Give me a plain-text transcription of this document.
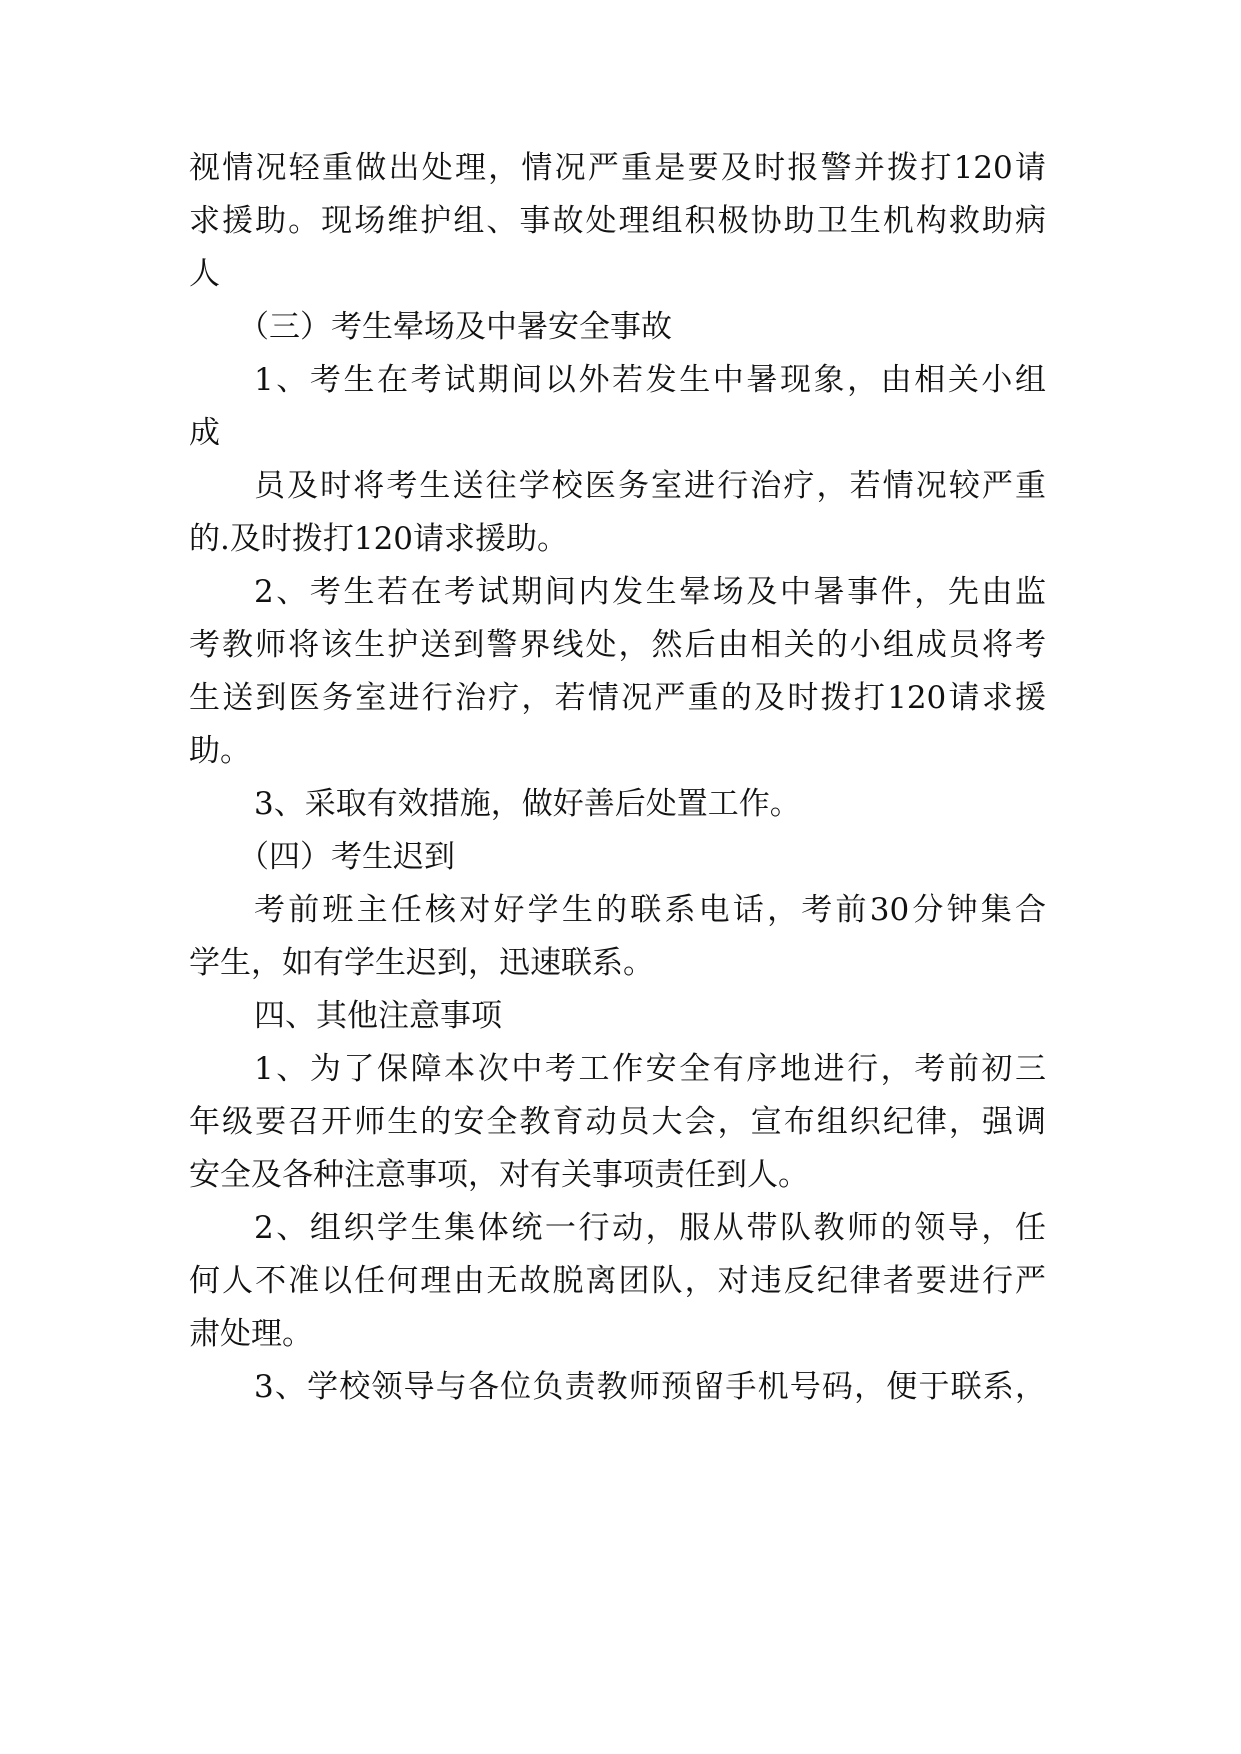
视情况轻重做出处理，情况严重是要及时报警并拨打120请
求援助。现场维护组、事故处理组积极协助卫生机构救助病
人
（三）考生晕场及中暑安全事故
1、考生在考试期间以外若发生中暑现象，由相关小组
成
员及时将考生送往学校医务室进行治疗，若情况较严重
的.及时拨打120请求援助。
2、考生若在考试期间内发生晕场及中暑事件，先由监
考教师将该生护送到警界线处，然后由相关的小组成员将考
生送到医务室进行治疗，若情况严重的及时拨打120请求援
助。
3、采取有效措施，做好善后处置工作。
（四）考生迟到
考前班主任核对好学生的联系电话，考前30分钟集合
学生，如有学生迟到，迅速联系。
四、其他注意事项
1、为了保障本次中考工作安全有序地进行，考前初三
年级要召开师生的安全教育动员大会，宣布组织纪律，强调
安全及各种注意事项，对有关事项责任到人。
2、组织学生集体统一行动，服从带队教师的领导，任
何人不准以任何理由无故脱离团队，对违反纪律者要进行严
肃处理。
3、学校领导与各位负责教师预留手机号码，便于联系，
